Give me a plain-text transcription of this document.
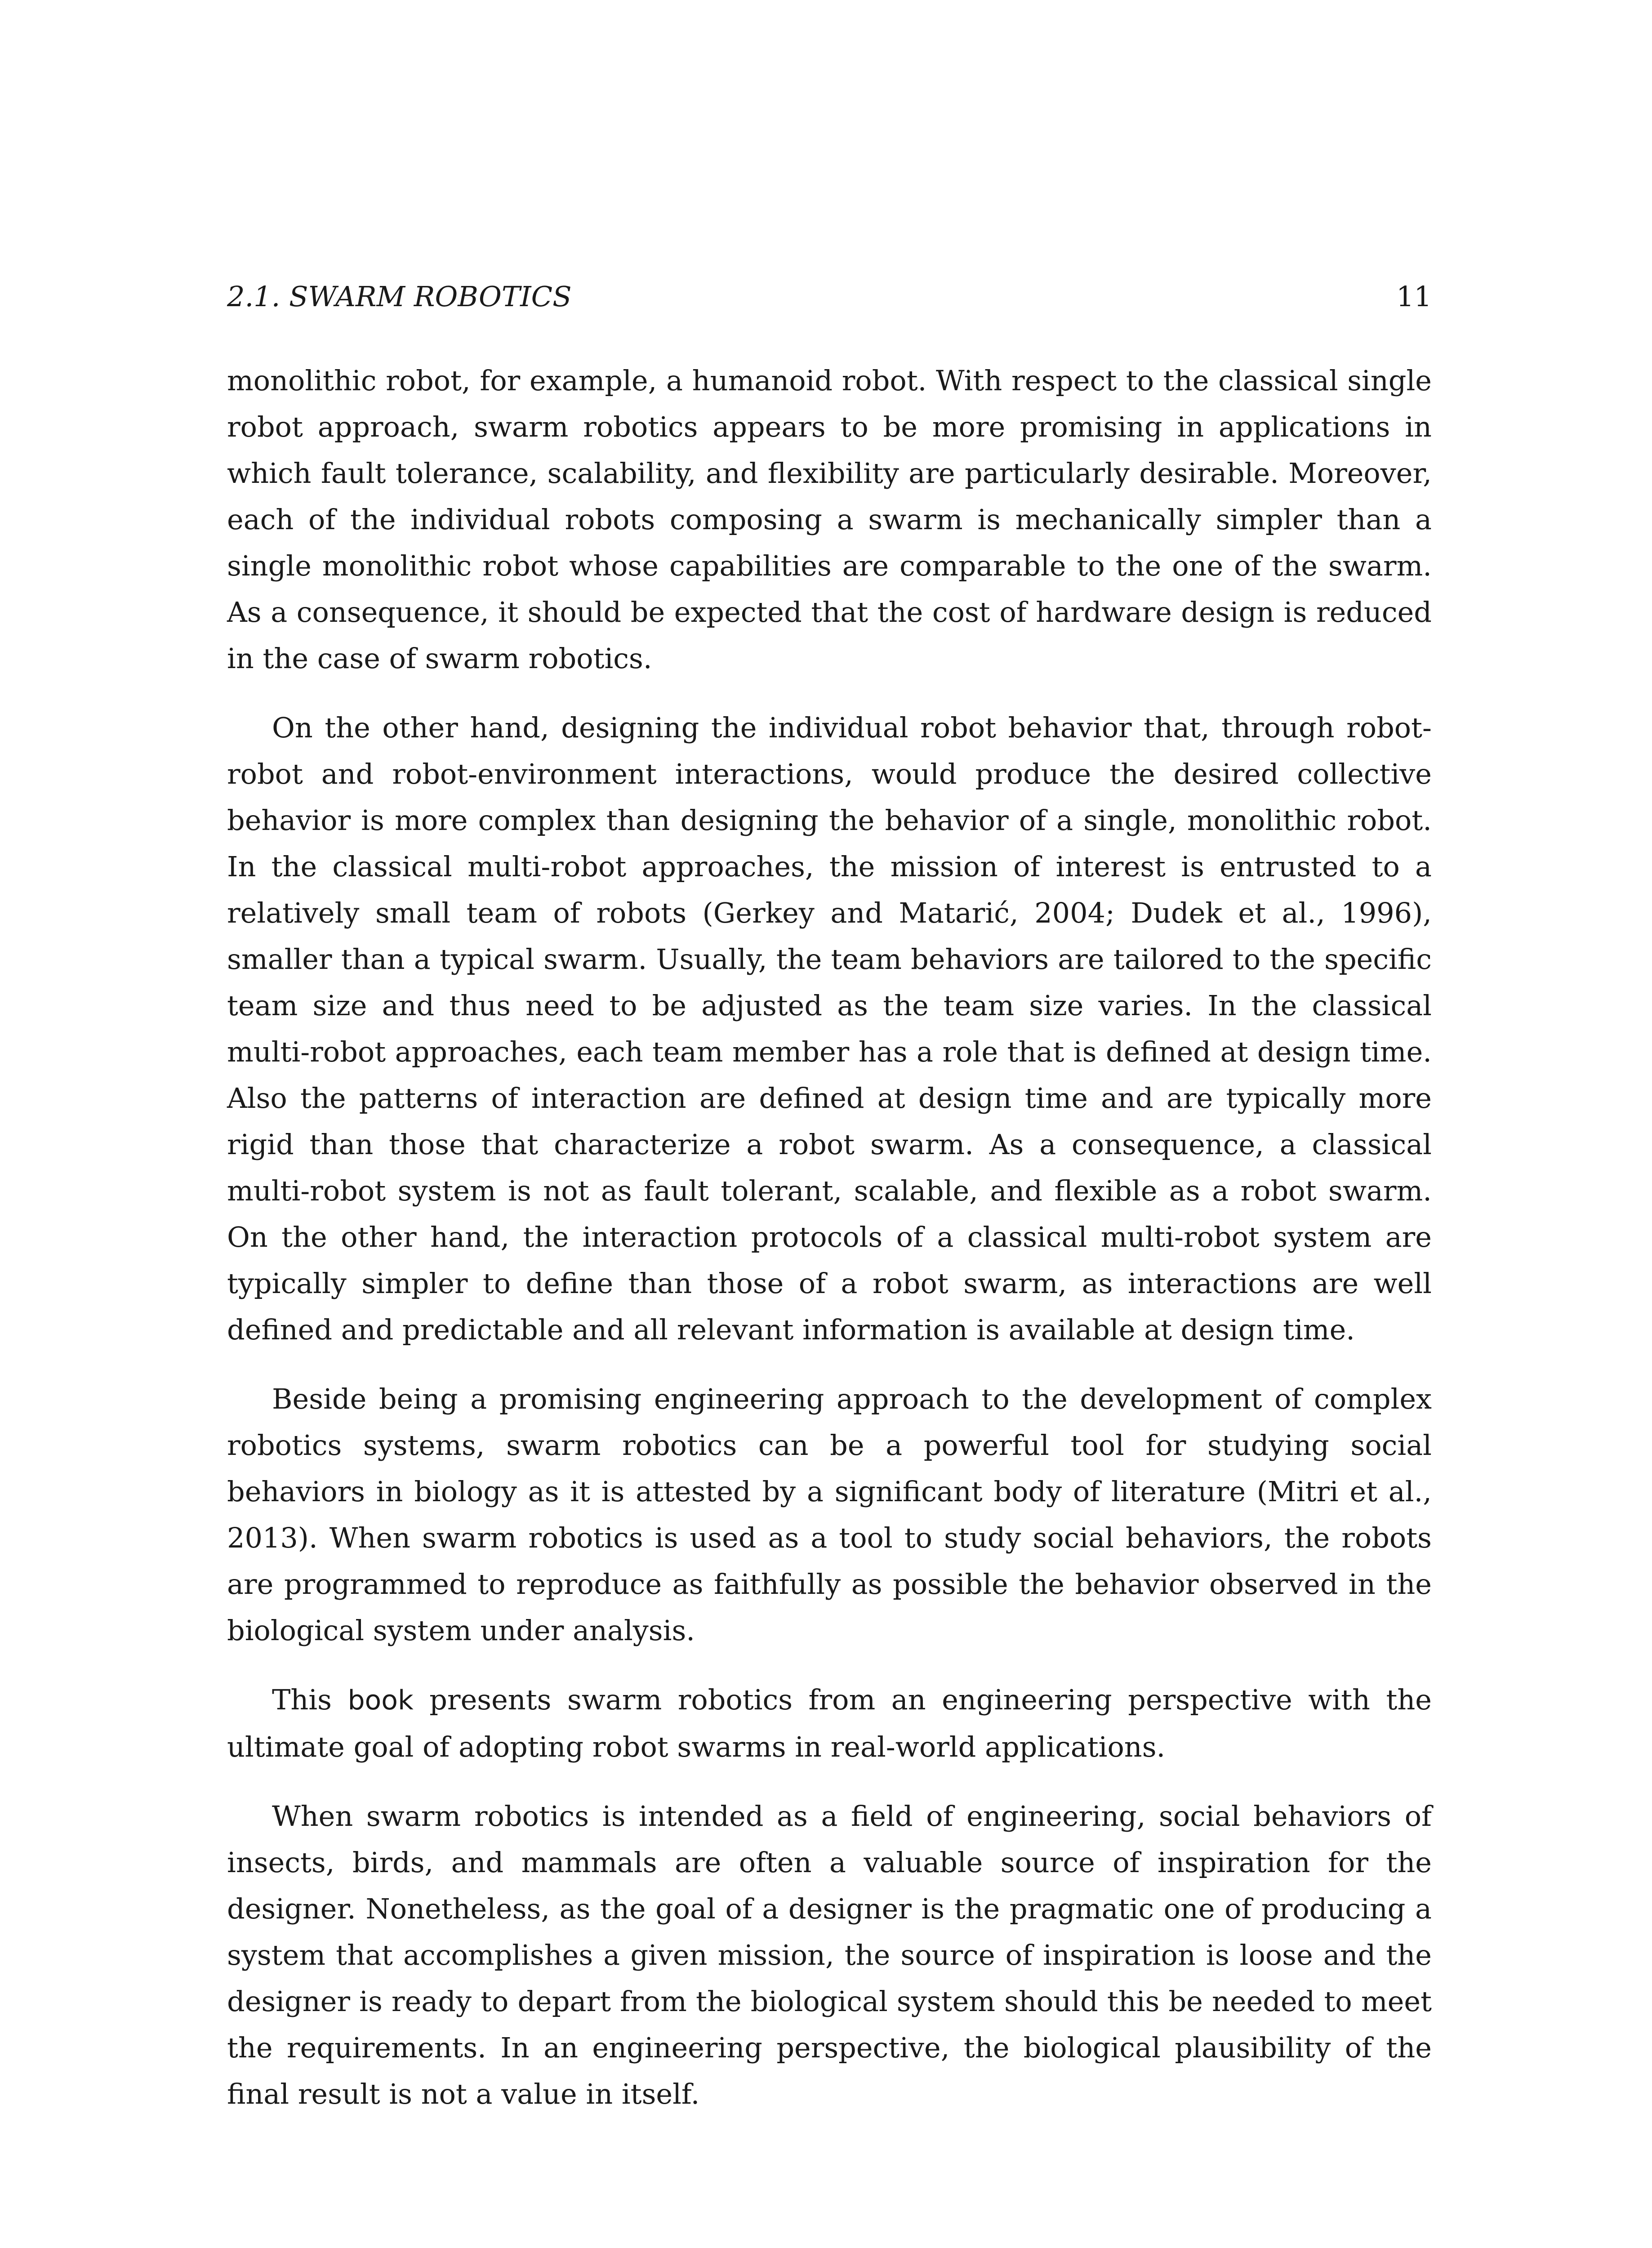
2.1. SWARM ROBOTICS	11

monolithic robot, for example, a humanoid robot. With respect to the classical single robot approach, swarm robotics appears to be more promising in applications in which fault tolerance, scalability, and flexibility are particularly desirable. Moreover, each of the individual robots composing a swarm is mechanically simpler than a single monolithic robot whose capabilities are comparable to the one of the swarm. As a consequence, it should be expected that the cost of hardware design is reduced in the case of swarm robotics.

On the other hand, designing the individual robot behavior that, through robot-robot and robot-environment interactions, would produce the desired collective behavior is more complex than designing the behavior of a single, monolithic robot. In the classical multi-robot approaches, the mission of interest is entrusted to a relatively small team of robots (Gerkey and Matarić, 2004; Dudek et al., 1996), smaller than a typical swarm. Usually, the team behaviors are tailored to the specific team size and thus need to be adjusted as the team size varies. In the classical multi-robot approaches, each team member has a role that is defined at design time. Also the patterns of interaction are defined at design time and are typically more rigid than those that characterize a robot swarm. As a consequence, a classical multi-robot system is not as fault tolerant, scalable, and flexible as a robot swarm. On the other hand, the interaction protocols of a classical multi-robot system are typically simpler to define than those of a robot swarm, as interactions are well defined and predictable and all relevant information is available at design time.

Beside being a promising engineering approach to the development of complex robotics systems, swarm robotics can be a powerful tool for studying social behaviors in biology as it is attested by a significant body of literature (Mitri et al., 2013). When swarm robotics is used as a tool to study social behaviors, the robots are programmed to reproduce as faithfully as possible the behavior observed in the biological system under analysis.

This book presents swarm robotics from an engineering perspective with the ultimate goal of adopting robot swarms in real-world applications.

When swarm robotics is intended as a field of engineering, social behaviors of insects, birds, and mammals are often a valuable source of inspiration for the designer. Nonetheless, as the goal of a designer is the pragmatic one of producing a system that accomplishes a given mission, the source of inspiration is loose and the designer is ready to depart from the biological system should this be needed to meet the requirements. In an engineering perspective, the biological plausibility of the final result is not a value in itself.
